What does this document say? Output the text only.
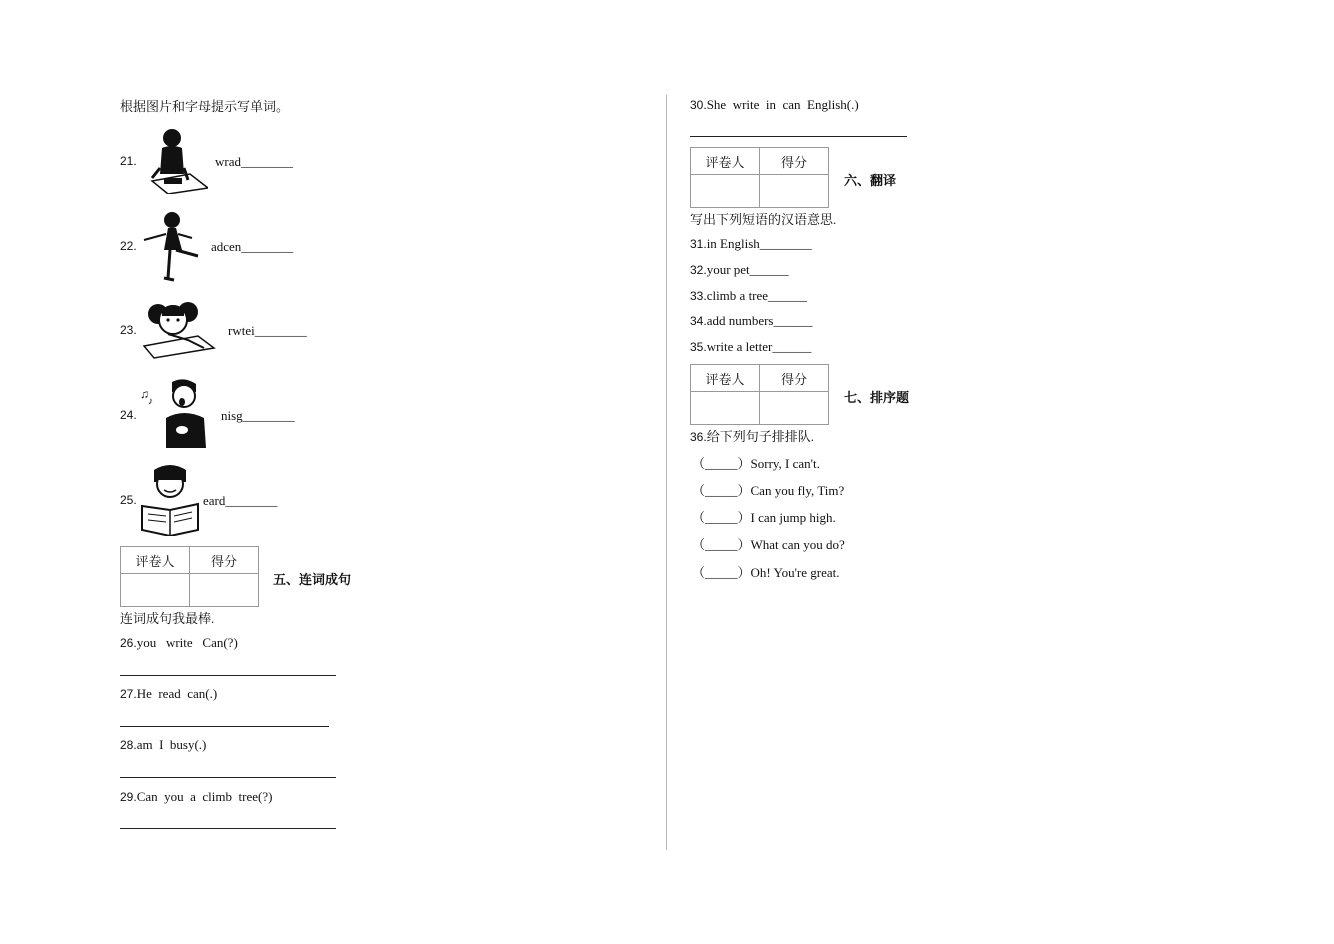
根据图片和字母提示写单词。
21.	wrad________
22.	adcen________
23.	rwtei________
24.
♫
♪
nisg________
25.	eard________
评卷人	得分

五、连词成句
连词成句我最棒.
26.you   write   Can(?)
27.He  read  can(.)
28.am  I  busy(.)
29.Can  you  a  climb  tree(?)
30.She  write  in  can  English(.)
评卷人	得分

六、翻译
写出下列短语的汉语意思.
31.in English________
32.your pet______
33.climb a tree______
34.add numbers______
35.write a letter______
评卷人	得分

七、排序题
36.给下列句子排排队.
（_____）Sorry, I can't.
（_____）Can you fly, Tim?
（_____）I can jump high.
（_____）What can you do?
（_____）Oh! You're great.
